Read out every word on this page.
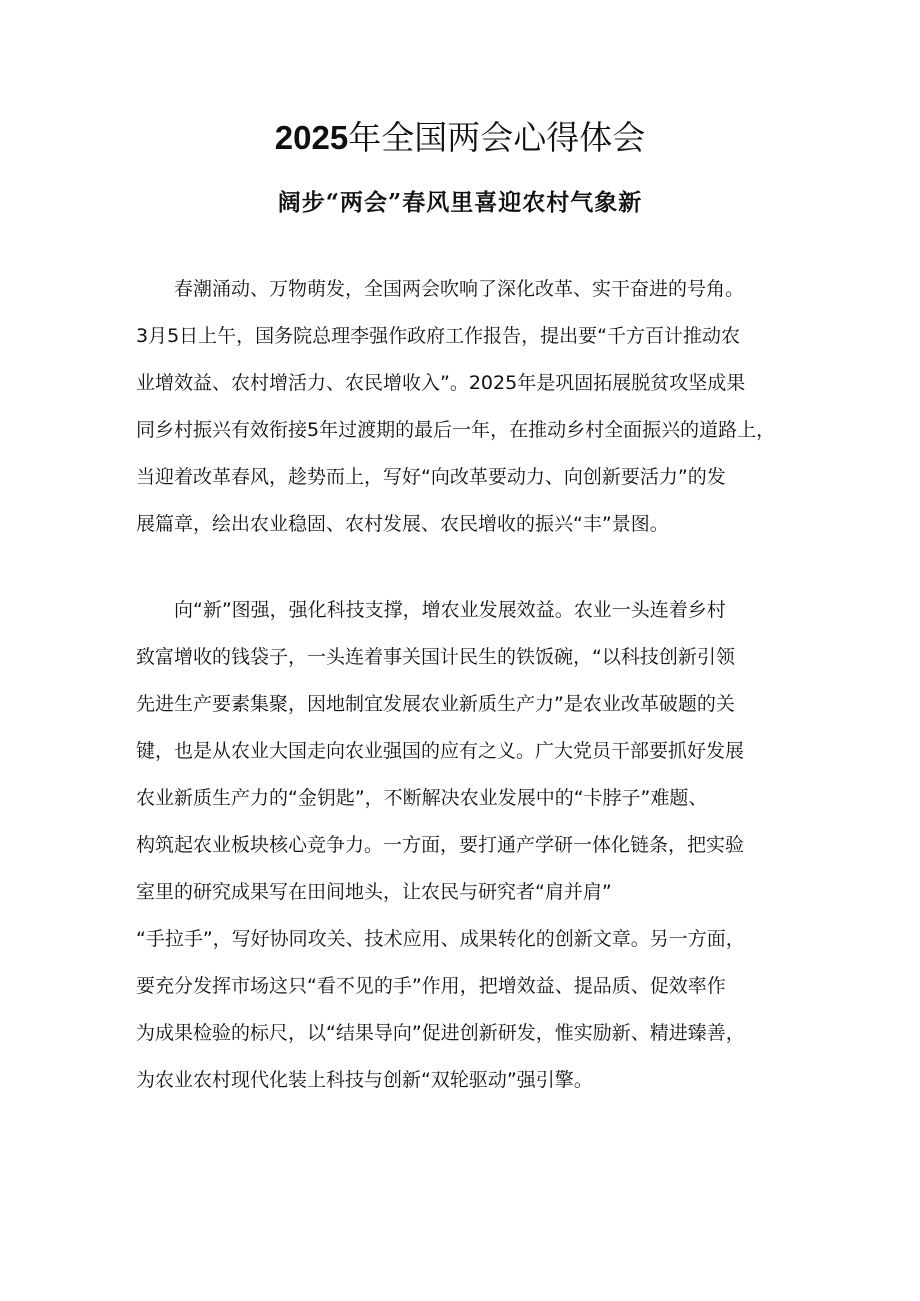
2025年全国两会心得体会
阔步“两会”春风里喜迎农村气象新
春潮涌动、万物萌发，全国两会吹响了深化改革、实干奋进的号角。
3月5日上午，国务院总理李强作政府工作报告，提出要“千方百计推动农
业增效益、农村增活力、农民增收入”。2025年是巩固拓展脱贫攻坚成果
同乡村振兴有效衔接5年过渡期的最后一年，在推动乡村全面振兴的道路上，
当迎着改革春风，趁势而上，写好“向改革要动力、向创新要活力”的发
展篇章，绘出农业稳固、农村发展、农民增收的振兴“丰”景图。
向“新”图强，强化科技支撑，增农业发展效益。农业一头连着乡村
致富增收的钱袋子，一头连着事关国计民生的铁饭碗，“以科技创新引领
先进生产要素集聚，因地制宜发展农业新质生产力”是农业改革破题的关
键，也是从农业大国走向农业强国的应有之义。广大党员干部要抓好发展
农业新质生产力的“金钥匙”，不断解决农业发展中的“卡脖子”难题、
构筑起农业板块核心竞争力。一方面，要打通产学研一体化链条，把实验
室里的研究成果写在田间地头，让农民与研究者“肩并肩”
“手拉手”，写好协同攻关、技术应用、成果转化的创新文章。另一方面，
要充分发挥市场这只“看不见的手”作用，把增效益、提品质、促效率作
为成果检验的标尺，以“结果导向”促进创新研发，惟实励新、精进臻善，
为农业农村现代化装上科技与创新“双轮驱动”强引擎。
